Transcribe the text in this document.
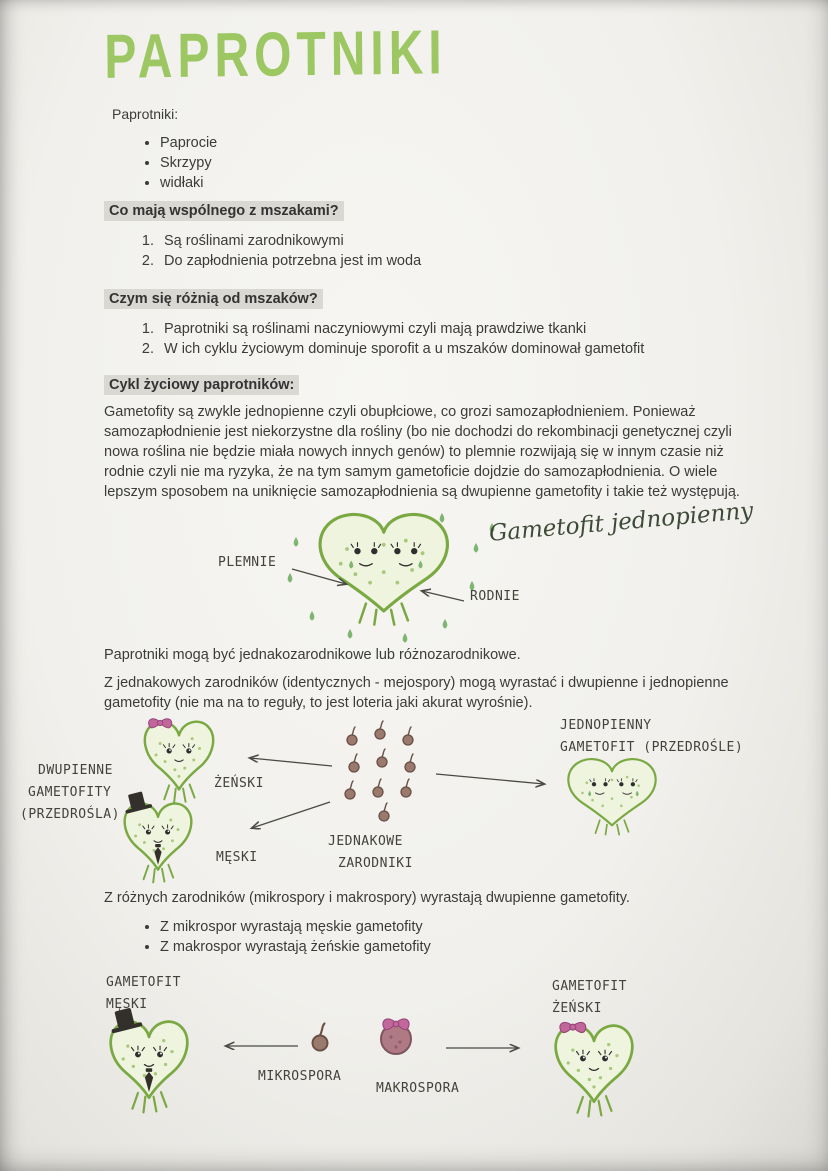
PAPROTNIKI
Paprotniki:
• Paprocie
• Skrzypy
• widłaki
Co mają wspólnego z mszakami?
1. Są roślinami zarodnikowymi
2. Do zapłodnienia potrzebna jest im woda
Czym się różnią od mszaków?
1. Paprotniki są roślinami naczyniowymi czyli mają prawdziwe tkanki
2. W ich cyklu życiowym dominuje sporofit a u mszaków dominował gametofit
Cykl życiowy paprotników:
Gametofity są zwykle jednopienne czyli obupłciowe, co grozi samozapłodnieniem. Ponieważ samozapłodnienie jest niekorzystne dla rośliny (bo nie dochodzi do rekombinacji genetycznej czyli nowa roślina nie będzie miała nowych innych genów) to plemnie rozwijają się w innym czasie niż rodnie czyli nie ma ryzyka, że na tym samym gametoficie dojdzie do samozapłodnienia. O wiele lepszym sposobem na uniknięcie samozapłodnienia są dwupienne gametofity i takie też występują.
PLEMNIE
RODNIE
Gametofit jednopienny
Paprotniki mogą być jednakozarodnikowe lub różnozarodnikowe.
Z jednakowych zarodników (identycznych - mejospory) mogą wyrastać i dwupienne i jednopienne gametofity (nie ma na to reguły, to jest loteria jaki akurat wyrośnie).
DWUPIENNE
GAMETOFITY
(PRZEDROŚLA)
ŻEŃSKI
MĘSKI
JEDNAKOWE
ZARODNIKI
JEDNOPIENNY
GAMETOFIT (PRZEDROŚLE)
Z różnych zarodników (mikrospory i makrospory) wyrastają dwupienne gametofity.
• Z mikrospor wyrastają męskie gametofity
• Z makrospor wyrastają żeńskie gametofity
GAMETOFIT
MĘSKI
GAMETOFIT
ŻEŃSKI
MIKROSPORA
MAKROSPORA
